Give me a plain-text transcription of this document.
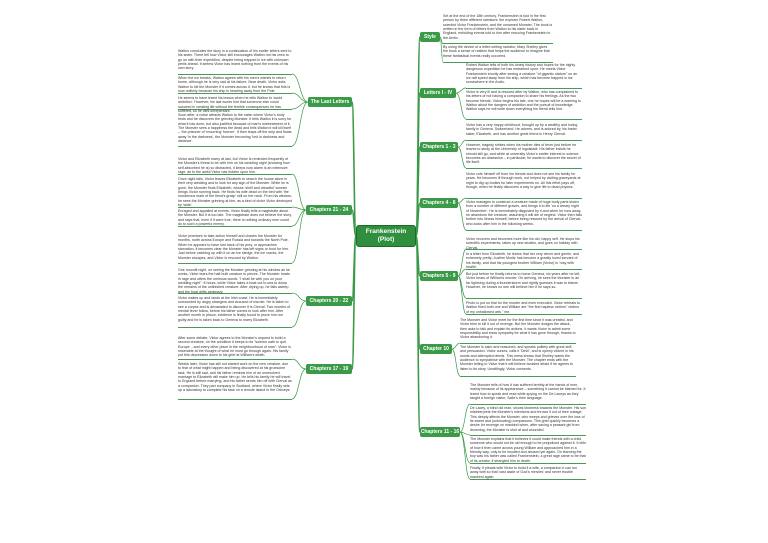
Frankenstein
(Plot)
Style
Letters I - IV
Chapters 1 - 3
Chapters 4 - 8
Chapters 5 - 9
Chapter 10
Chapters 11 - 16
The Last Letters
Chapters 21 - 24
Chapters 20 - 22
Chapters 17 - 19
Set at the end of the 18th century, Frankenstein is told in the first person by three different narrators: the explorer Robert Walton, scientist Victor Frankenstein, and the unnamed Monster. The book is written in the form of letters from Walton to his sister back in England, enfolding events told to him after rescuing Frankenstein in the Arctic.
By using the device of a letter-writing narrator, Mary Shelley gives the book a sense of realism that helps the audience to imagine that these fantastical events really occurred.
Robert Walton tells of both his lonely history and hopes for the highly dangerous expedition he has embarked upon. He meets Victor Frankenstein shortly after seeing a creature "of gigantic stature" on an ice raft speed away from his ship, which has become trapped in ice somewhere in the Arctic.
Victor is very ill and is rescued after by Walton, who has complained to his letters of not having a companion to share his feelings. As the two become friends, Victor begins his tale, one he hopes will be a warning to Walton about the dangers of ambition and the pursuit of knowledge. Walton says he will write down everything his friend tells him.
Victor has a very happy childhood, brought up by a wealthy and loving family in Geneva, Switzerland. He adores, and is adored by, his foster sister, Elizabeth, and has another great friend in Henry Clerval.
However, tragedy strikes when his mother dies of fever just before he leaves to study at the University of Ingolstadt. His father insists he should still go, and while at university Victor's earlier interest in science becomes an obsession – in particular, he wants to discover the secret of life itself.
Victor cuts himself off from his friends and does not see his family for years. He becomes ill through work, not helped by visiting graveyards at night to dig up bodies for later experiments on. All this effort pays off, though, when he finally discovers a way to give life to dead physics.
Victor manages to construct a creature made of huge body parts stolen from a number of different graves, and brings it to life 'on a dreary night of November'. He is immediately disgusted by it and when he runs away, he abandons the creature, assuming it will die of neglect. Victor then falls further into illness himself, before being rescued by the arrival of Clerval, who looks after him in the following weeks.
Victor recovers and becomes more like his old, happy self. He stops his scientific experiments, takes up new studies, and goes on holiday with Clerval.
In a letter from Elizabeth, he learns that her very clever and gentle, and extremely pretty; Justine Moritz has become a greatly loved servant of his family, and that his youngest brother William (Victor) is 'rosy with health'.
But just before he finally returns to home Geneva, six years after he left, Victor hears of William's murder. On arriving, he sees the Monster in an far lightning during a thunderstorm and rightly guesses it was to blame. However, he knows no one will believe him if he says so.
Photo is put on trial for the murder and even executed. Victor retreats to Walton fixed both one and William are "the first hapless victims" victims of my unhallowed arts." me.
The Monster and Victor meet for the first time since it was created, and Victor tries to kill it out of revenge. But the Monster dodges the attack, then asks to talk and explain its actions. It wants Victor to admit some responsibility and show sympathy for what it has gone through, thanks to Victor abandoning it.
The Monster is calm and reasoned, and speaks politely with great skill and persuasion. Victor curses, calls it 'Devil', and is openly violent in his words and attempted deeds. This mess shows that Shelley wants the audience to sympathise with the Monster. The chapter ends with the Monster telling to Victor that it will believe avoided afraid if he agrees to listen to its story. Unwillingly, Victor consents.
The Monster tells of how it has suffered terribly at the hands of men, mainly because of its appearance – something it cannot be blamed for. It learnt how to speak and read while spying on the De Laceys as they taught a foreign visitor, Safie's their language.
De Lacey, a blind old man, shows kindness towards the Monster. His son misinterprets the Monster's intentions and throws it out of their cottage. This deeply affects the Monster, who weeps and grieves over the loss of its sweet and (unknowing) companions. This grief quickly becomes a desire for revenge on mankind when, after saving a peasant girl from drowning, the Monster is shot at and wounded.
The Monster explains that it believes it could make friends with a child, someone who would not be old enough to be prejudiced against it. It tells of how it then came across young William and approached him in a friendly way, only to be insulted and abused yet again. On learning the boy was his father was called Frankenstein, a great rage came to be that of its creator, it strangled him to death.
Finally, it pleads with Victor to build it a wife, a companion it can run away with so that 'cast aside of God's mercies' and never trouble mankind again.
Walton concludes the story in a continuation of his earlier letters sent to his sister. There tell how Victor still encourages Walton not his crew to go on with their expedition, despite being trapped in ice with unknown perils ahead. It seems Victor has learnt nothing from the events of his own story.
When the ice breaks, Walton agrees with his men's wishes to return home, although he is very sad at his failure. Near death, Victor asks Walton to kill the Monster if it comes across it, but he knows that this is now unlikely because his ship is heading away from the Pole.
He seems to have learnt his lesson when he tells Walton to 'avoid ambition'. However, his last words hint that someone else could succeed in creating life without the terrible consequences he has suffered, so he dies unrepentant.
Soon after, a noise attracts Walton to the cabin where Victor's body rests and he discovers the grieving Monster. It tells Walton it is sorry for what it has done, but also justified because of man's mistreatment of it. The Monster sees a happiness the dead and tells Walton it will kill itself – 'the prisoner of 'mourning' forever'. It then leaps off the ship and floats away 'in the darkness', the Monster becoming 'lost in darkness and distance'.
Victor and Elizabeth marry at last, but Victor is reminded frequently of the Monster's threat to be with him on his wedding night (showing how self-absorbed he is) so distracted, it keeps now alarm is an extensive rage, as to the awful Victor has hidden upon him.
Once night falls, Victor leaves Elizabeth to search the house alone in their very wedding and to look for any sign of the Monster. While he is gone, the Monster finds Elizabeth, whose 'shrill and dreadful' scream brings Victor running back. He finds his wife dead on the bed with 'the murderous mark of the fiend's grasp' still on her neck. From his window, he sees the Monster grinning at him, as a kind of victor Victor destroyed by 'wide'.
Enraged and appalled at events, Victor finally tells a magistrate about the Monster. But it is too late. The magistrate does not believe the story, and says that, even if it were true, there is nothing ordinary men could do to such a powerful enemy.
Victor promises to take action himself and chases the Monster for months, north across Europe and Russia and towards the North Pole. When he appears to have lost track of his prey, or approaches starvation, it becomes clear the Monster has left signs or food for him. Just before catching up with it on an ice sledge, the ice cracks, the Monster escapes, and Victor is rescued by Walton.
One moonlit night, on seeing the Monster grinning at his window as he works, Victor tears the half-built creature to pieces. The Monster howls in rage and utters the ominous words: "I shall be with you on your wedding night". 8 hours, while Victor takes a boat out to sea to dump the remains of the unfinished creature. After drying up, he falls asleep and the boat drifts aimlessly.
Victor wakes up and lands at the Irish coast. He is immediately surrounded by angry strangers and accused of murder. He is taken to see a corpse and is devastated to discover it is Clerval. Two months of mental fever follow, before his father comes to look after him. After another month in prison, evidence is finally found to prove him not guilty and he is taken back to Geneva to marry Elizabeth.
After some debate, Victor agrees to the Monster's request to build a second creature, on the condition it keeps to its "solemn oath to quit Europe ...and every other place in the neighbourhood of man". Victor is miserable at the thought of what he must go through again. His family put this depression down to his grief at William's death.
Weeks later, Victor has still not started work on the new creature, due to fear of what might happen and being discovered at his gruesome task. He is still sad, and his father reminds him of an unresolved marriage to Elizabeth will make him up. He tells his family he will travel to England before marrying, and his father sends him off with Clerval as a companion. They part company in Scotland, where Victor finally sets up a laboratory to complete his task on a remote island in the Orkneys.
